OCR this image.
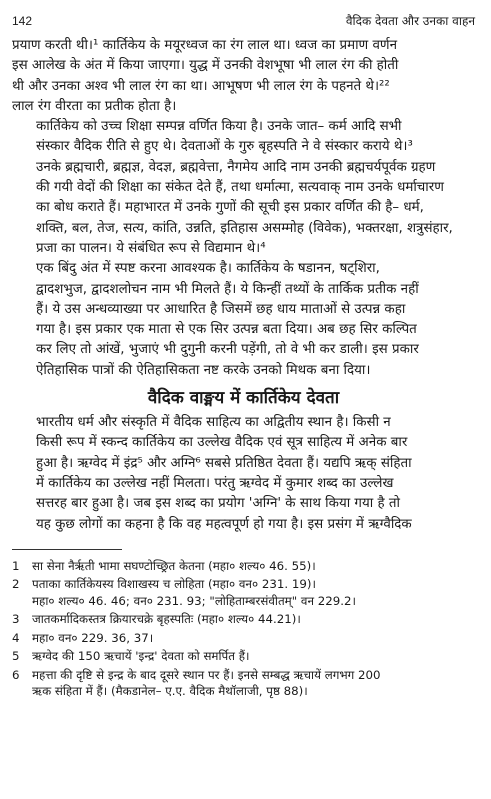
142	वैदिक देवता और उनका वाहन

प्रयाण करती थी।¹ कार्तिकेय के मयूरध्वज का रंग लाल था। ध्वज का प्रमाण वर्णन
इस आलेख के अंत में किया जाएगा। युद्ध में उनकी वेशभूषा भी लाल रंग की होती
थी और उनका अश्व भी लाल रंग का था। आभूषण भी लाल रंग के पहनते थे।²²
लाल रंग वीरता का प्रतीक होता है।

कार्तिकेय को उच्च शिक्षा सम्पन्न वर्णित किया है। उनके जात– कर्म आदि सभी
संस्कार वैदिक रीति से हुए थे। देवताओं के गुरु बृहस्पति ने वे संस्कार कराये थे।³
उनके ब्रह्मचारी, ब्रह्मज्ञ, वेदज्ञ, ब्रह्मवेत्ता, नैगमेय आदि नाम उनकी ब्रह्मचर्यपूर्वक ग्रहण
की गयी वेदों की शिक्षा का संकेत देते हैं, तथा धर्मात्मा, सत्यवाक् नाम उनके धर्माचारण
का बोध कराते हैं। महाभारत में उनके गुणों की सूची इस प्रकार वर्णित की है– धर्म,
शक्ति, बल, तेज, सत्य, कांति, उन्नति, इतिहास असम्मोह (विवेक), भक्तरक्षा, शत्रुसंहार,
प्रजा का पालन। ये संबंधित रूप से विद्यमान थे।⁴

एक बिंदु अंत में स्पष्ट करना आवश्यक है। कार्तिकेय के षडानन, षट्शिरा,
द्वादशभुज, द्वादशलोचन नाम भी मिलते हैं। ये किन्हीं तथ्यों के तार्किक प्रतीक नहीं
हैं। ये उस अन्धव्याख्या पर आधारित है जिसमें छह धाय माताओं से उत्पन्न कहा
गया है। इस प्रकार एक माता से एक सिर उत्पन्न बता दिया। अब छह सिर कल्पित
कर लिए तो आंखें, भुजाएं भी दुगुनी करनी पड़ेंगी, तो वे भी कर डाली। इस प्रकार
ऐतिहासिक पात्रों की ऐतिहासिकता नष्ट करके उनको मिथक बना दिया।

वैदिक वाङ्मय में कार्तिकेय देवता

भारतीय धर्म और संस्कृति में वैदिक साहित्य का अद्वितीय स्थान है। किसी न
किसी रूप में स्कन्द कार्तिकेय का उल्लेख वैदिक एवं सूत्र साहित्य में अनेक बार
हुआ है। ऋग्वेद में इंद्र⁵ और अग्नि⁶ सबसे प्रतिष्ठित देवता हैं। यद्यपि ऋक् संहिता
में कार्तिकेय का उल्लेख नहीं मिलता। परंतु ऋग्वेद में कुमार शब्द का उल्लेख
सत्तरह बार हुआ है। जब इस शब्द का प्रयोग 'अग्नि' के साथ किया गया है तो
यह कुछ लोगों का कहना है कि वह महत्वपूर्ण हो गया है। इस प्रसंग में ऋग्वैदिक

1	सा सेना नैर्ऋती भामा सघण्टोच्छ्रित केतना (महा० शल्य० 46. 55)।
2	पताका कार्तिकेयस्य विशाखस्य च लोहिता (महा० वन० 231. 19)।
महा० शल्य० 46. 46; वन० 231. 93; "लोहिताम्बरसंवीतम्" वन 229.2।
3	जातकर्मादिकस्तत्र क्रियारचक्रे बृहस्पतिः (महा० शल्य० 44.21)।
4	महा० वन० 229. 36, 37।
5	ऋग्वेद की 150 ऋचायें 'इन्द्र' देवता को समर्पित हैं।
6	महत्ता की दृष्टि से इन्द्र के बाद दूसरे स्थान पर हैं। इनसे सम्बद्ध ऋचायें लगभग 200
ऋक संहिता में हैं। (मैकडानेल– ए.ए. वैदिक मैथॉलाजी, पृष्ठ 88)।
